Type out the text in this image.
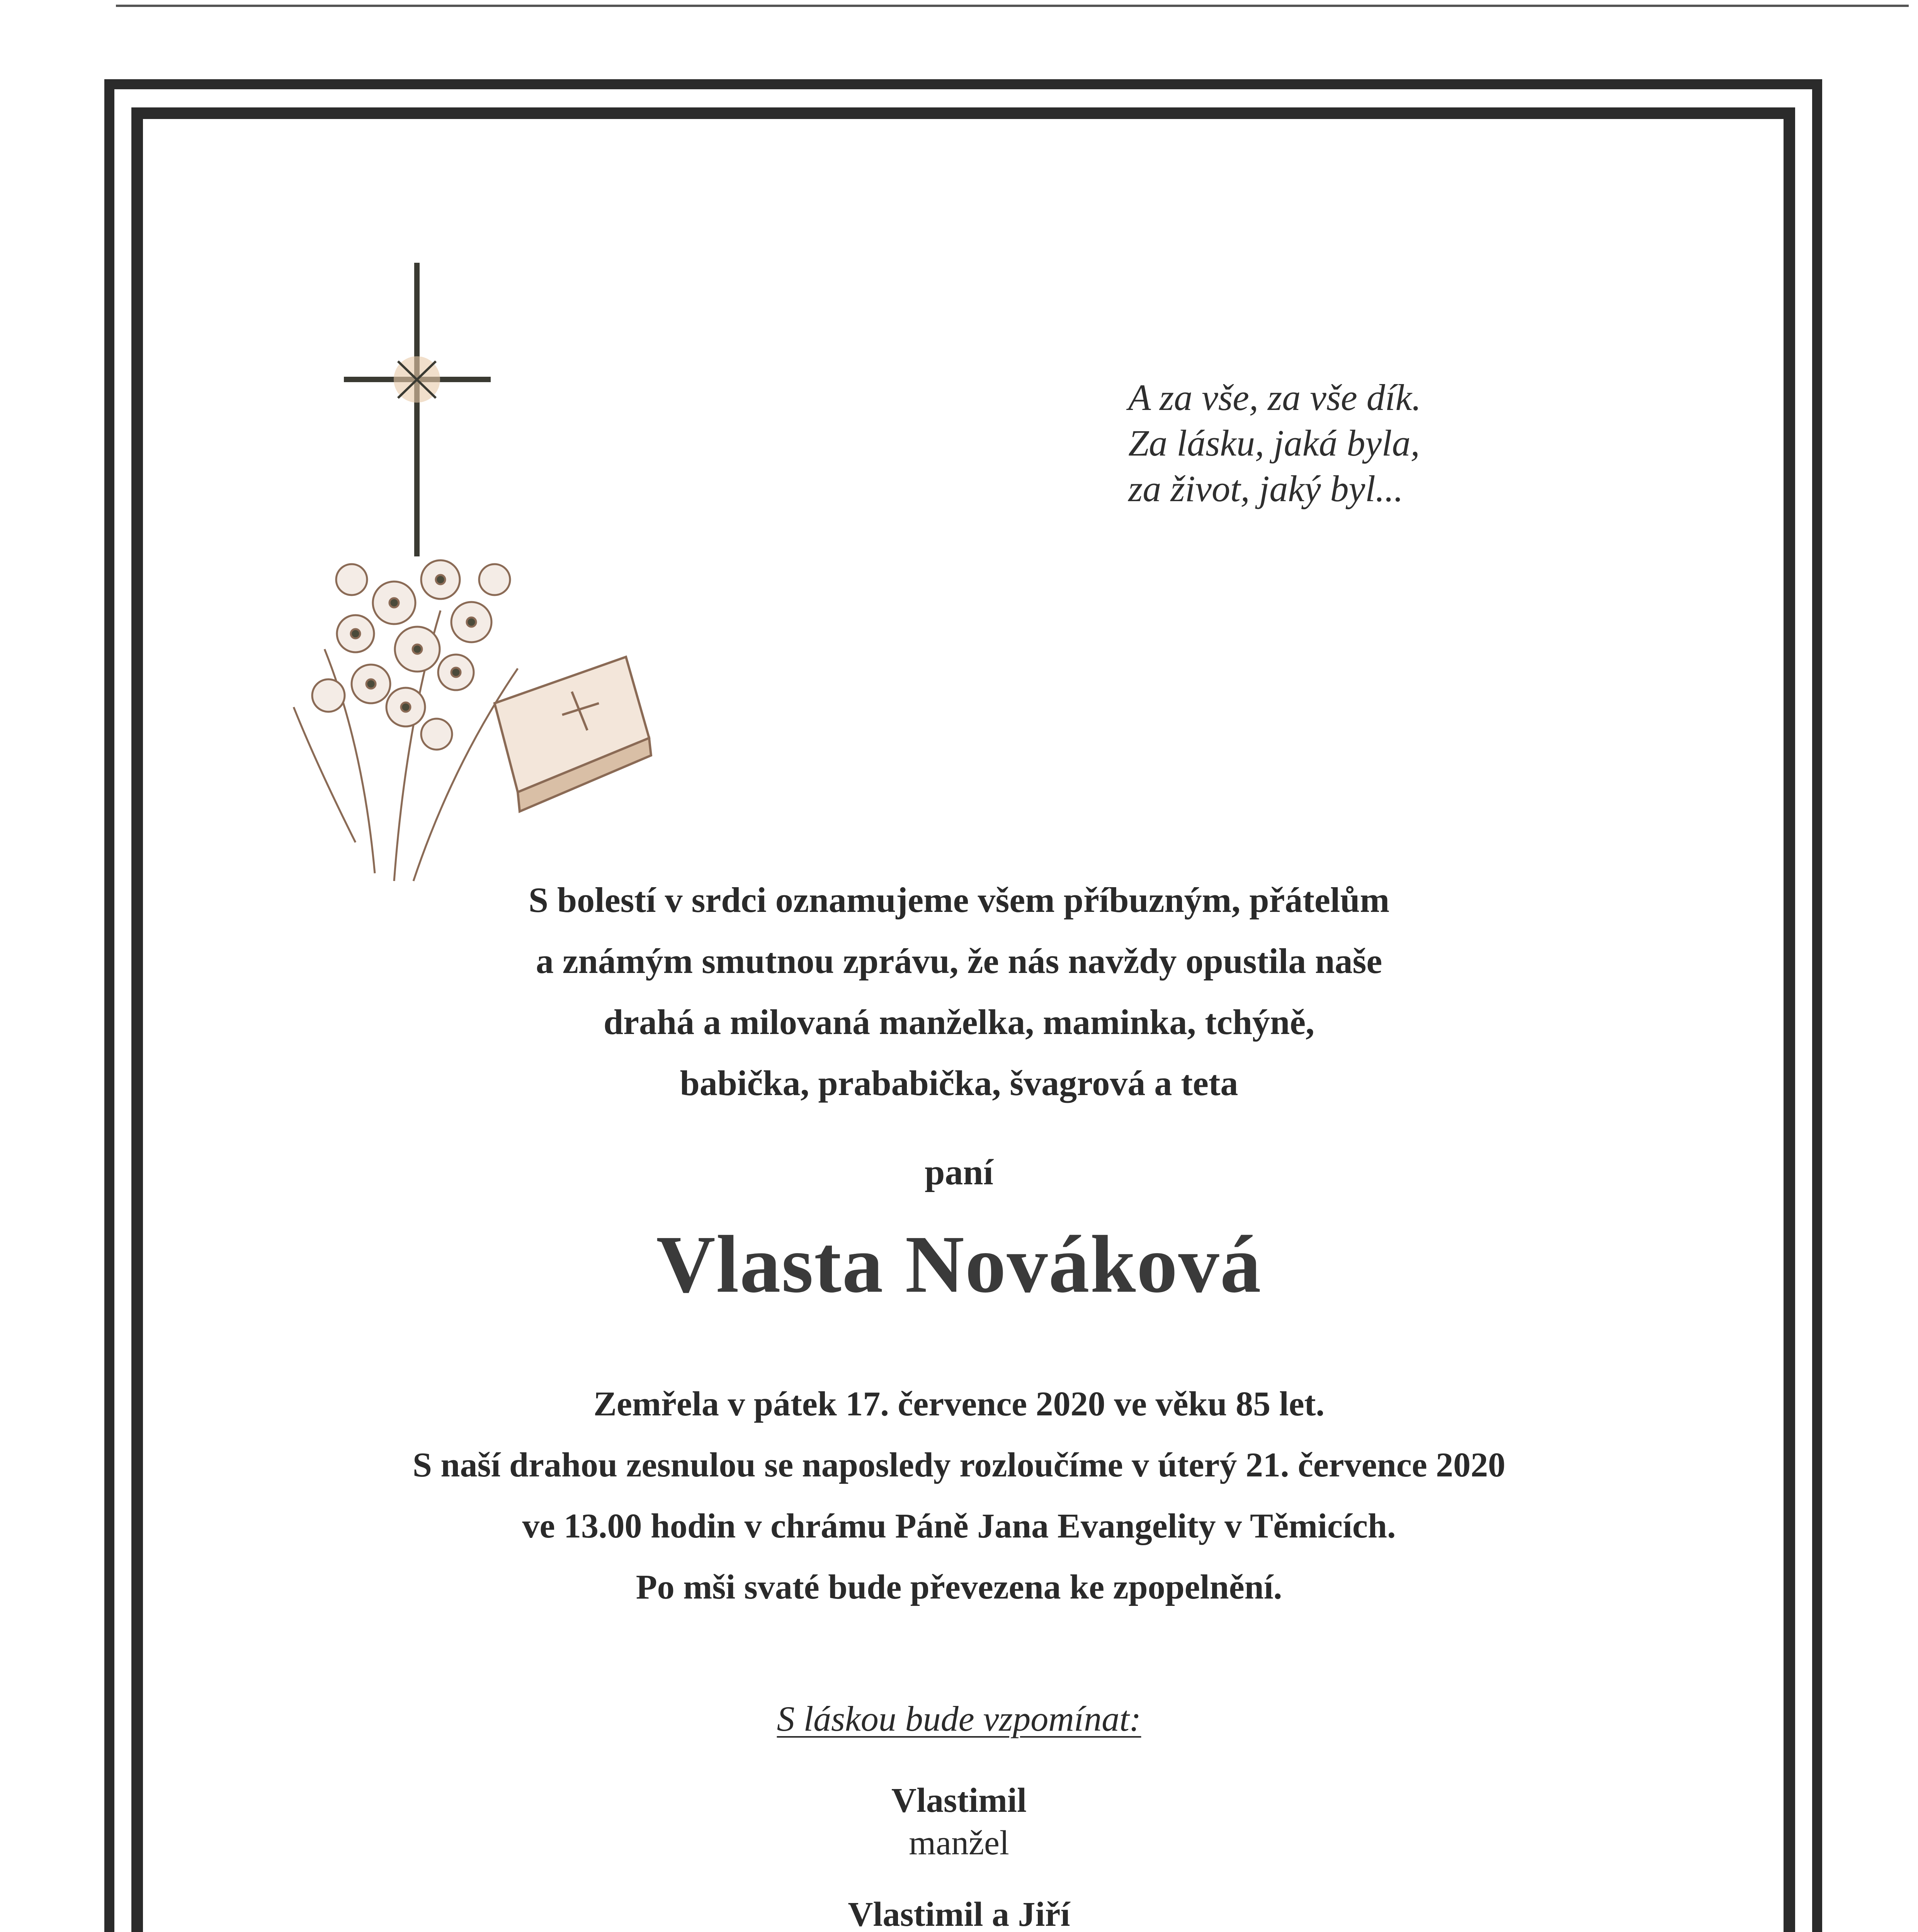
A za vše, za vše dík.
Za lásku, jaká byla,
za život, jaký byl...
S bolestí v srdci oznamujeme všem příbuzným, přátelům
a známým smutnou zprávu, že nás navždy opustila naše
drahá a milovaná manželka, maminka, tchýně,
babička, prababička, švagrová a teta
paní
Vlasta Nováková
Zemřela v pátek 17. července 2020 ve věku 85 let.
S naší drahou zesnulou se naposledy rozloučíme v úterý 21. července 2020
ve 13.00 hodin v chrámu Páně Jana Evangelity v Těmicích.
Po mši svaté bude převezena ke zpopelnění.
S láskou bude vzpomínat:
Vlastimil
manžel
Vlastimil a Jiří
